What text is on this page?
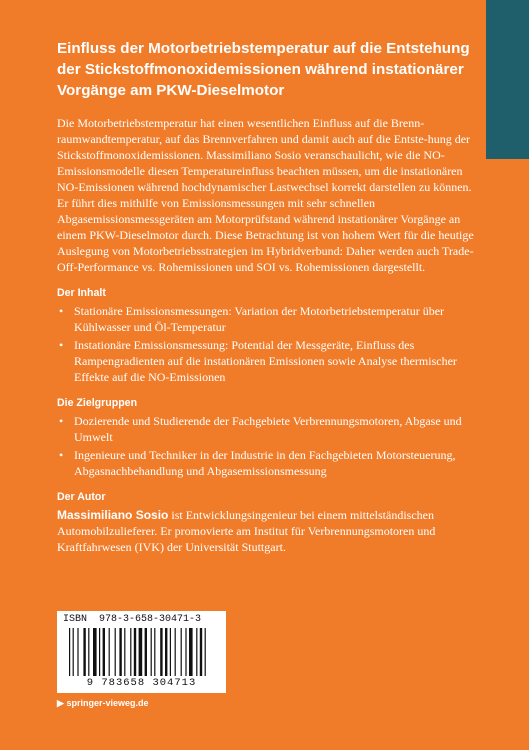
Einfluss der Motorbetriebstemperatur auf die Entstehung der Stickstoffmonoxidemissionen während instationärer Vorgänge am PKW-Dieselmotor

Die Motorbetriebstemperatur hat einen wesentlichen Einfluss auf die Brenn-raumwandtemperatur, auf das Brennverfahren und damit auch auf die Entste-hung der Stickstoffmonoxidemissionen. Massimiliano Sosio veranschaulicht, wie die NO-Emissionsmodelle diesen Temperatureinfluss beachten müssen, um die instationären NO-Emissionen während hochdynamischer Lastwechsel korrekt darstellen zu können. Er führt dies mithilfe von Emissionsmessungen mit sehr schnellen Abgasemissionsmessgeräten am Motorprüfstand während instationärer Vorgänge an einem PKW-Dieselmotor durch. Diese Betrachtung ist von hohem Wert für die heutige Auslegung von Motorbetriebsstrategien im Hybridverbund: Daher werden auch Trade-Off-Performance vs. Rohemissionen und SOI vs. Rohemissionen dargestellt.

Der Inhalt
• Stationäre Emissionsmessungen: Variation der Motorbetriebstemperatur über Kühlwasser und Öl-Temperatur
• Instationäre Emissionsmessung: Potential der Messgeräte, Einfluss des Rampengradienten auf die instationären Emissionen sowie Analyse thermischer Effekte auf die NO-Emissionen
Die Zielgruppen
• Dozierende und Studierende der Fachgebiete Verbrennungsmotoren, Abgase und Umwelt
• Ingenieure und Techniker in der Industrie in den Fachgebieten Motorsteuerung, Abgasnachbehandlung und Abgasemissionsmessung
Der Autor

Massimiliano Sosio ist Entwicklungsingenieur bei einem mittelständischen Automobilzulieferer. Er promovierte am Institut für Verbrennungsmotoren und Kraftfahrwesen (IVK) der Universität Stuttgart.

ISBN  978-3-658-30471-3
9 783658 304713
▶ springer-vieweg.de
